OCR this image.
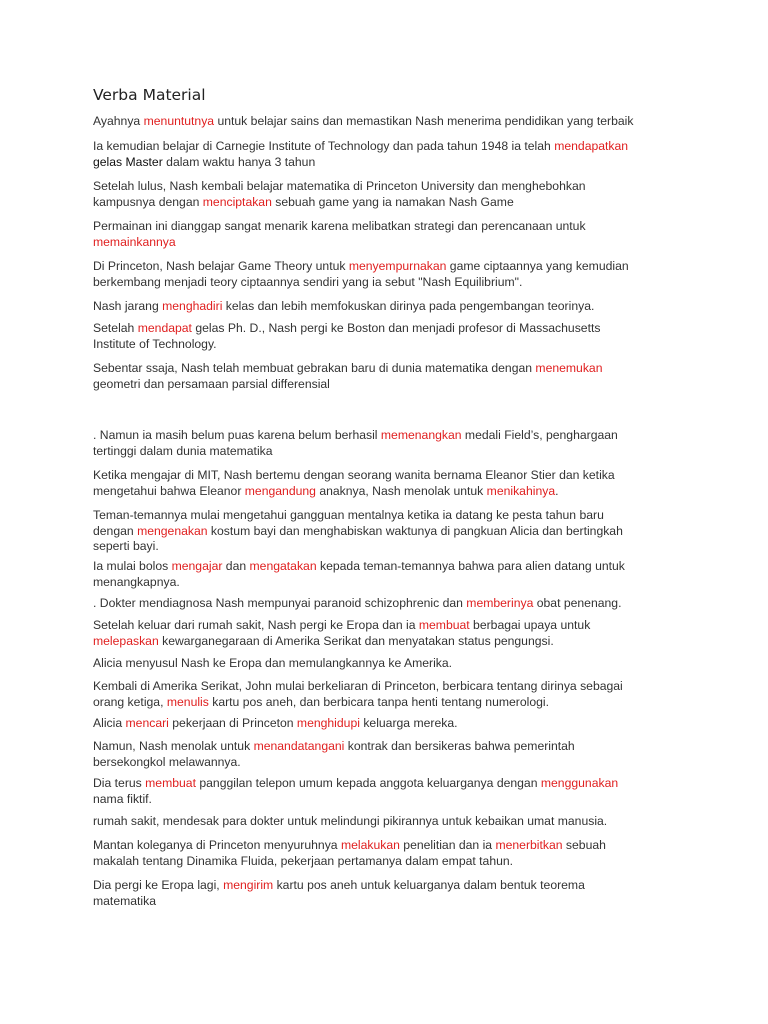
Verba Material
Ayahnya menuntutnya untuk belajar sains dan memastikan Nash menerima pendidikan yang terbaik
Ia kemudian belajar di Carnegie Institute of Technology dan pada tahun 1948 ia telah mendapatkan
gelas Master dalam waktu hanya 3 tahun
Setelah lulus, Nash kembali belajar matematika di Princeton University dan menghebohkan
kampusnya dengan menciptakan sebuah game yang ia namakan Nash Game
Permainan ini dianggap sangat menarik karena melibatkan strategi dan perencanaan untuk
memainkannya
Di Princeton, Nash belajar Game Theory untuk menyempurnakan game ciptaannya yang kemudian
berkembang menjadi teory ciptaannya sendiri yang ia sebut "Nash Equilibrium".
Nash jarang menghadiri kelas dan lebih memfokuskan dirinya pada pengembangan teorinya.
Setelah mendapat gelas Ph. D., Nash pergi ke Boston dan menjadi profesor di Massachusetts
Institute of Technology.
Sebentar ssaja, Nash telah membuat gebrakan baru di dunia matematika dengan menemukan
geometri dan persamaan parsial differensial
. Namun ia masih belum puas karena belum berhasil memenangkan medali Field’s, penghargaan
tertinggi dalam dunia matematika
Ketika mengajar di MIT, Nash bertemu dengan seorang wanita bernama Eleanor Stier dan ketika
mengetahui bahwa Eleanor mengandung anaknya, Nash menolak untuk menikahinya.
Teman-temannya mulai mengetahui gangguan mentalnya ketika ia datang ke pesta tahun baru
dengan mengenakan kostum bayi dan menghabiskan waktunya di pangkuan Alicia dan bertingkah
seperti bayi.
Ia mulai bolos mengajar dan mengatakan kepada teman-temannya bahwa para alien datang untuk
menangkapnya.
. Dokter mendiagnosa Nash mempunyai paranoid schizophrenic dan memberinya obat penenang.
Setelah keluar dari rumah sakit, Nash pergi ke Eropa dan ia membuat berbagai upaya untuk
melepaskan kewarganegaraan di Amerika Serikat dan menyatakan status pengungsi.
Alicia menyusul Nash ke Eropa dan memulangkannya ke Amerika.
Kembali di Amerika Serikat, John mulai berkeliaran di Princeton, berbicara tentang dirinya sebagai
orang ketiga, menulis kartu pos aneh, dan berbicara tanpa henti tentang numerologi.
Alicia mencari pekerjaan di Princeton menghidupi keluarga mereka.
Namun, Nash menolak untuk menandatangani kontrak dan bersikeras bahwa pemerintah
bersekongkol melawannya.
Dia terus membuat panggilan telepon umum kepada anggota keluarganya dengan menggunakan
nama fiktif.
rumah sakit, mendesak para dokter untuk melindungi pikirannya untuk kebaikan umat manusia.
Mantan koleganya di Princeton menyuruhnya melakukan penelitian dan ia menerbitkan sebuah
makalah tentang Dinamika Fluida, pekerjaan pertamanya dalam empat tahun.
Dia pergi ke Eropa lagi, mengirim kartu pos aneh untuk keluarganya dalam bentuk teorema
matematika
